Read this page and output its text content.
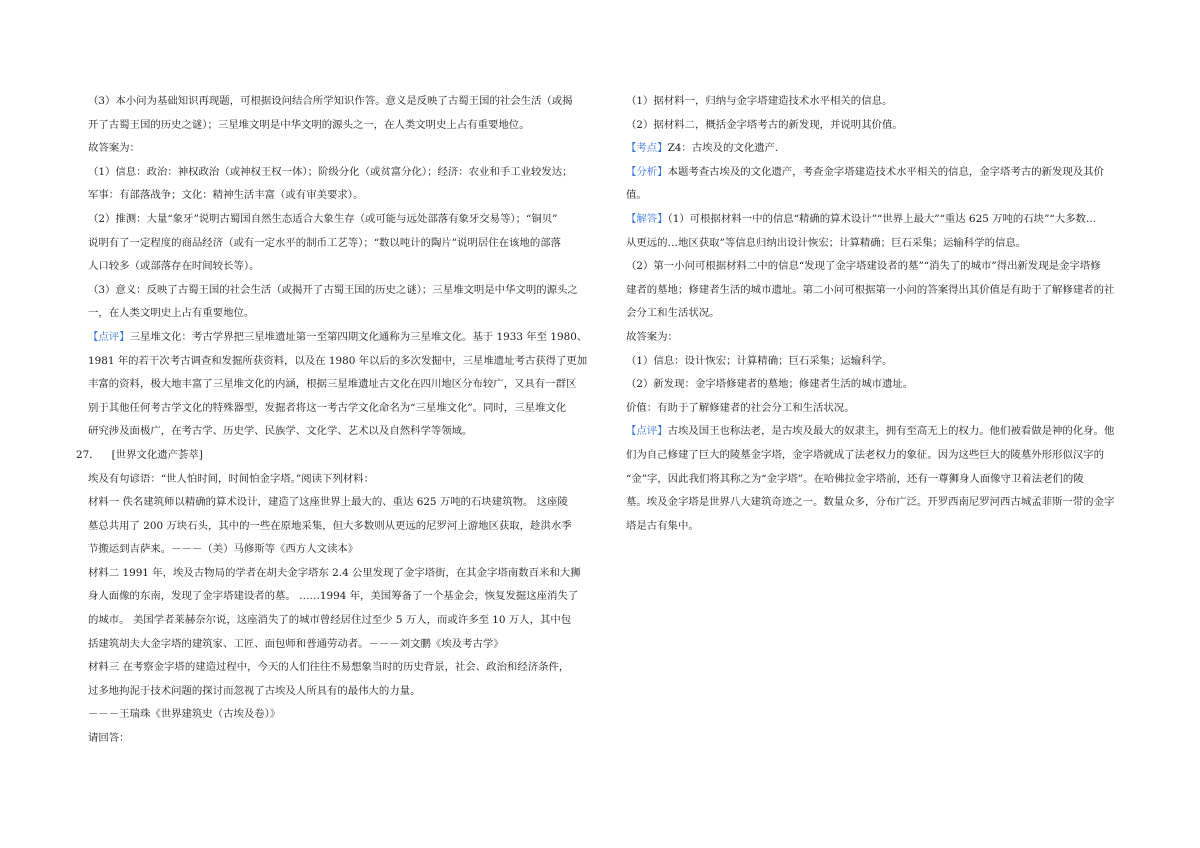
（3）本小问为基础知识再现题，可根据设问结合所学知识作答。意义是反映了古蜀王国的社会生活（或揭
开了古蜀王国的历史之谜）；三星堆文明是中华文明的源头之一，在人类文明史上占有重要地位。
故答案为：
（1）信息：政治：神权政治（或神权王权一体）；阶级分化（或贫富分化）；经济：农业和手工业较发达；
军事：有部落战争；文化：精神生活丰富（或有审美要求）。
（2）推测：大量“象牙”说明古蜀国自然生态适合大象生存（或可能与远处部落有象牙交易等）；“铜贝”
说明有了一定程度的商品经济（或有一定水平的制币工艺等）；“数以吨计的陶片”说明居住在该地的部落
人口较多（或部落存在时间较长等）。
（3）意义：反映了古蜀王国的社会生活（或揭开了古蜀王国的历史之谜）；三星堆文明是中华文明的源头之
一，在人类文明史上占有重要地位。
【点评】三星堆文化：考古学界把三星堆遗址第一至第四期文化通称为三星堆文化。基于 1933 年至 1980、
1981 年的若干次考古调查和发掘所获资料，以及在 1980 年以后的多次发掘中，三星堆遗址考古获得了更加
丰富的资料，极大地丰富了三星堆文化的内涵，根据三星堆遗址古文化在四川地区分布较广，又具有一群区
别于其他任何考古学文化的特殊器型，发掘者将这一考古学文化命名为“三星堆文化”。同时，三星堆文化
研究涉及面极广，在考古学、历史学、民族学、文化学、艺术以及自然科学等领域。
27． [世界文化遗产荟萃]
埃及有句谚语：“世人怕时间，时间怕金字塔。”阅读下列材料：
材料一 佚名建筑师以精确的算术设计，建造了这座世界上最大的、重达 625 万吨的石块建筑物。 这座陵
墓总共用了 200 万块石头，其中的一些在原地采集，但大多数则从更远的尼罗河上游地区获取，趁洪水季
节搬运到吉萨来。－－－（美）马修斯等《西方人文读本》
材料二 1991 年，埃及古物局的学者在胡夫金字塔东 2.4 公里发现了金字塔街，在其金字塔南数百米和大狮
身人面像的东南，发现了金字塔建设者的墓。 ……1994 年，美国筹备了一个基金会，恢复发掘这座消失了
的城市。 美国学者莱赫奈尔说，这座消失了的城市曾经居住过至少 5 万人，而或许多至 10 万人，其中包
括建筑胡夫大金字塔的建筑家、工匠、面包师和普通劳动者。－－－刘文鹏《埃及考古学》
材料三 在考察金字塔的建造过程中，今天的人们往往不易想象当时的历史背景，社会、政治和经济条件，
过多地拘泥于技术问题的探讨而忽视了古埃及人所具有的最伟大的力量。
－－－王瑞珠《世界建筑史（古埃及卷）》
请回答：
（1）据材料一，归纳与金字塔建造技术水平相关的信息。
（2）据材料二，概括金字塔考古的新发现，并说明其价值。
【考点】Z4：古埃及的文化遗产.
【分析】本题考查古埃及的文化遗产，考查金字塔建造技术水平相关的信息，金字塔考古的新发现及其价
值。
【解答】（1）可根据材料一中的信息“精确的算术设计”“世界上最大”“重达 625 万吨的石块”“大多数…
从更远的…地区获取”等信息归纳出设计恢宏；计算精确；巨石采集；运输科学的信息。
（2）第一小问可根据材料二中的信息“发现了金字塔建设者的墓”“消失了的城市”得出新发现是金字塔修
建者的墓地；修建者生活的城市遗址。第二小问可根据第一小问的答案得出其价值是有助于了解修建者的社
会分工和生活状况。
故答案为：
（1）信息：设计恢宏；计算精确；巨石采集；运输科学。
（2）新发现：金字塔修建者的墓地；修建者生活的城市遗址。
价值：有助于了解修建者的社会分工和生活状况。
【点评】古埃及国王也称法老，是古埃及最大的奴隶主，拥有至高无上的权力。他们被看做是神的化身。他
们为自己修建了巨大的陵墓金字塔，金字塔就成了法老权力的象征。因为这些巨大的陵墓外形形似汉字的
“金”字，因此我们将其称之为“金字塔”。在哈佛拉金字塔前，还有一尊狮身人面像守卫着法老们的陵
墓。埃及金字塔是世界八大建筑奇迹之一。数量众多，分布广泛。开罗西南尼罗河西古城孟菲斯一带的金字
塔是古有集中。
